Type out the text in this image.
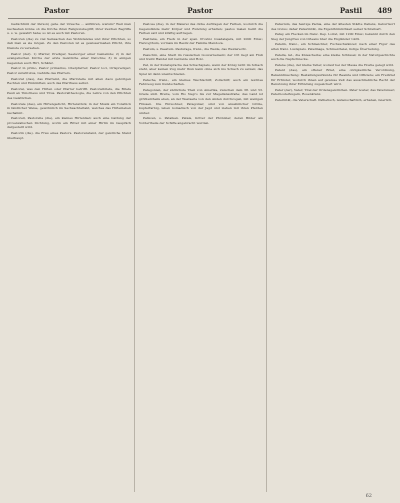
Pastor	Pastor	Pastil 489

Gedächtniß der Person) gehe der Ursache ... anführen, warum? Weil man nachsehen könne ob die Kirche ihren Religionsbegriff, ihrer Zeichen Begriffe u. s. w. gewahrt habe; so ist es auch mit Pastoren.

Pastoren (die) zu viel Seinsachen des Wohlstandes und ihrer Pflichten, so daß man es sie mögen. Zu den Pastoren ist es gewissermaßen Pflicht, ihre Dienste zu versehen.

Pastor (der). 1) Pfarrer, Prediger, Seelsorger einer Gemeinde; 2) in der evangelischen Kirche der erste Geistliche einer Parochie; 3) in einigen Gegenden auch Hirt, Schäfer.

Pastor in primo, Pastor primarius, Oberpfarrer; Pastor loci, Ortsprediger; Pastor substitutus, Gehülfe des Pfarrers.

Pastorat (das), das Pfarramt, die Pfarrstelle mit allen dazu gehörigen Rechten und Einkünften; auch das Pfarrhaus selbst.

Pastoral, was den Hirten oder Pfarrer betrifft. Pastoralbriefe, die Briefe Pauli an Timotheus und Titus. Pastoraltheologie, die Lehre von den Pflichten des Geistlichen.

Pastorale (das), ein Hirtengedicht, Hirtenstück; in der Musik ein Tonstück in ländlicher Weise, gewöhnlich im Sechsachteltakt, welches das Hirtenleben nachahmt.

Pastorell, Pastorelle (die), ein kleines Hirtenlied; auch eine Gattung der provenzalischen Dichtung, worin ein Ritter mit einer Hirtin im Gespräch dargestellt wird.

Pastorin (die), die Frau eines Pastors. Pastorenstand, der geistliche Stand überhaupt.

Pastose (die), in der Malerei das dicke Auftragen der Farben, wodurch die Gegenstände mehr Körper und Rundung erhalten; pastos malen heißt die Farben satt und kräftig auftragen.

Pastrana, ein Fleck in der span. Provinz Guadalajara, mit 2000 Einw.; Herzogthum, vormals im Besitz der Familie Mendoza.

Pastum, s. Paestum. Pasturage, franz., die Weide, das Weiderecht.

Pasuchin, eine Stadt im russischen Gouvernement; der Ort liegt am Fluß und treibt Handel mit Getreide und Holz.

Pat, in der Kunstsprache des Schachspiels, wenn der König nicht im Schach steht, aber keinen Zug mehr thun kann ohne sich ins Schach zu setzen; das Spiel ist dann unentschieden.

Patache, franz., ein kleines Wachtschiff, Zollschiff; auch ein leichtes Fahrzeug zum Kundschaften.

Patagonien, der südlichste Theil von Amerika, zwischen dem 38. und 53. Grade südl. Breite, vom Rio Negro bis zur Magellansstraße; das Land ist größtentheils eben, an der Westseite von den Anden durchzogen, mit wenigen Flüssen. Die Einwohner, Patagonier, sind von ansehnlicher Größe, kupferfarbig, leben nomadisch von der Jagd und ziehen mit ihren Pferden umher.

Patäcen, s. Pataiken. Patais, Götter der Phönizier, deren Bilder am Vordertheile der Schiffe angebracht wurden.

Patavium, das heutige Padua, eine der ältesten Städte Italiens, Geburtsort des Livius; daher Patavinität, die Eigenthümlichkeit seiner Schreibart.

Patay, ein Flecken im franz. Dep. Loiret, mit 1200 Einw.; bekannt durch den Sieg der Jungfrau von Orleans über die Engländer 1429.

Patelin, franz., ein Schmeichler, Fuchsschwänzer; nach einer Figur des alten franz. Lustspiels. Patelinage, Schmeichelei, listige Überredung.

Patella, lat., die Kniescheibe; eine kleine Schüssel; in der Naturgeschichte auch die Napfschnecke.

Patene (die), der kleine Teller, worauf bei der Messe die Hostie gelegt wird.

Patent (das), ein offener Brief, eine obrigkeitliche Verordnung, Bekanntmachung; Bestallungsurkunde für Beamte und Offiziere; ein Freibrief für Erfinder, wodurch ihnen auf gewisse Zeit das ausschließliche Recht der Benutzung ihrer Erfindung zugesichert wird.

Pater (der), Vater; Titel der Ordensgeistlichen. Pater noster, das Vaterunser; Paternosterkugeln, Rosenkranz.

Paternität, die Vaterschaft. Pathetisch, leidenschaftlich, erhaben, feierlich.

62
